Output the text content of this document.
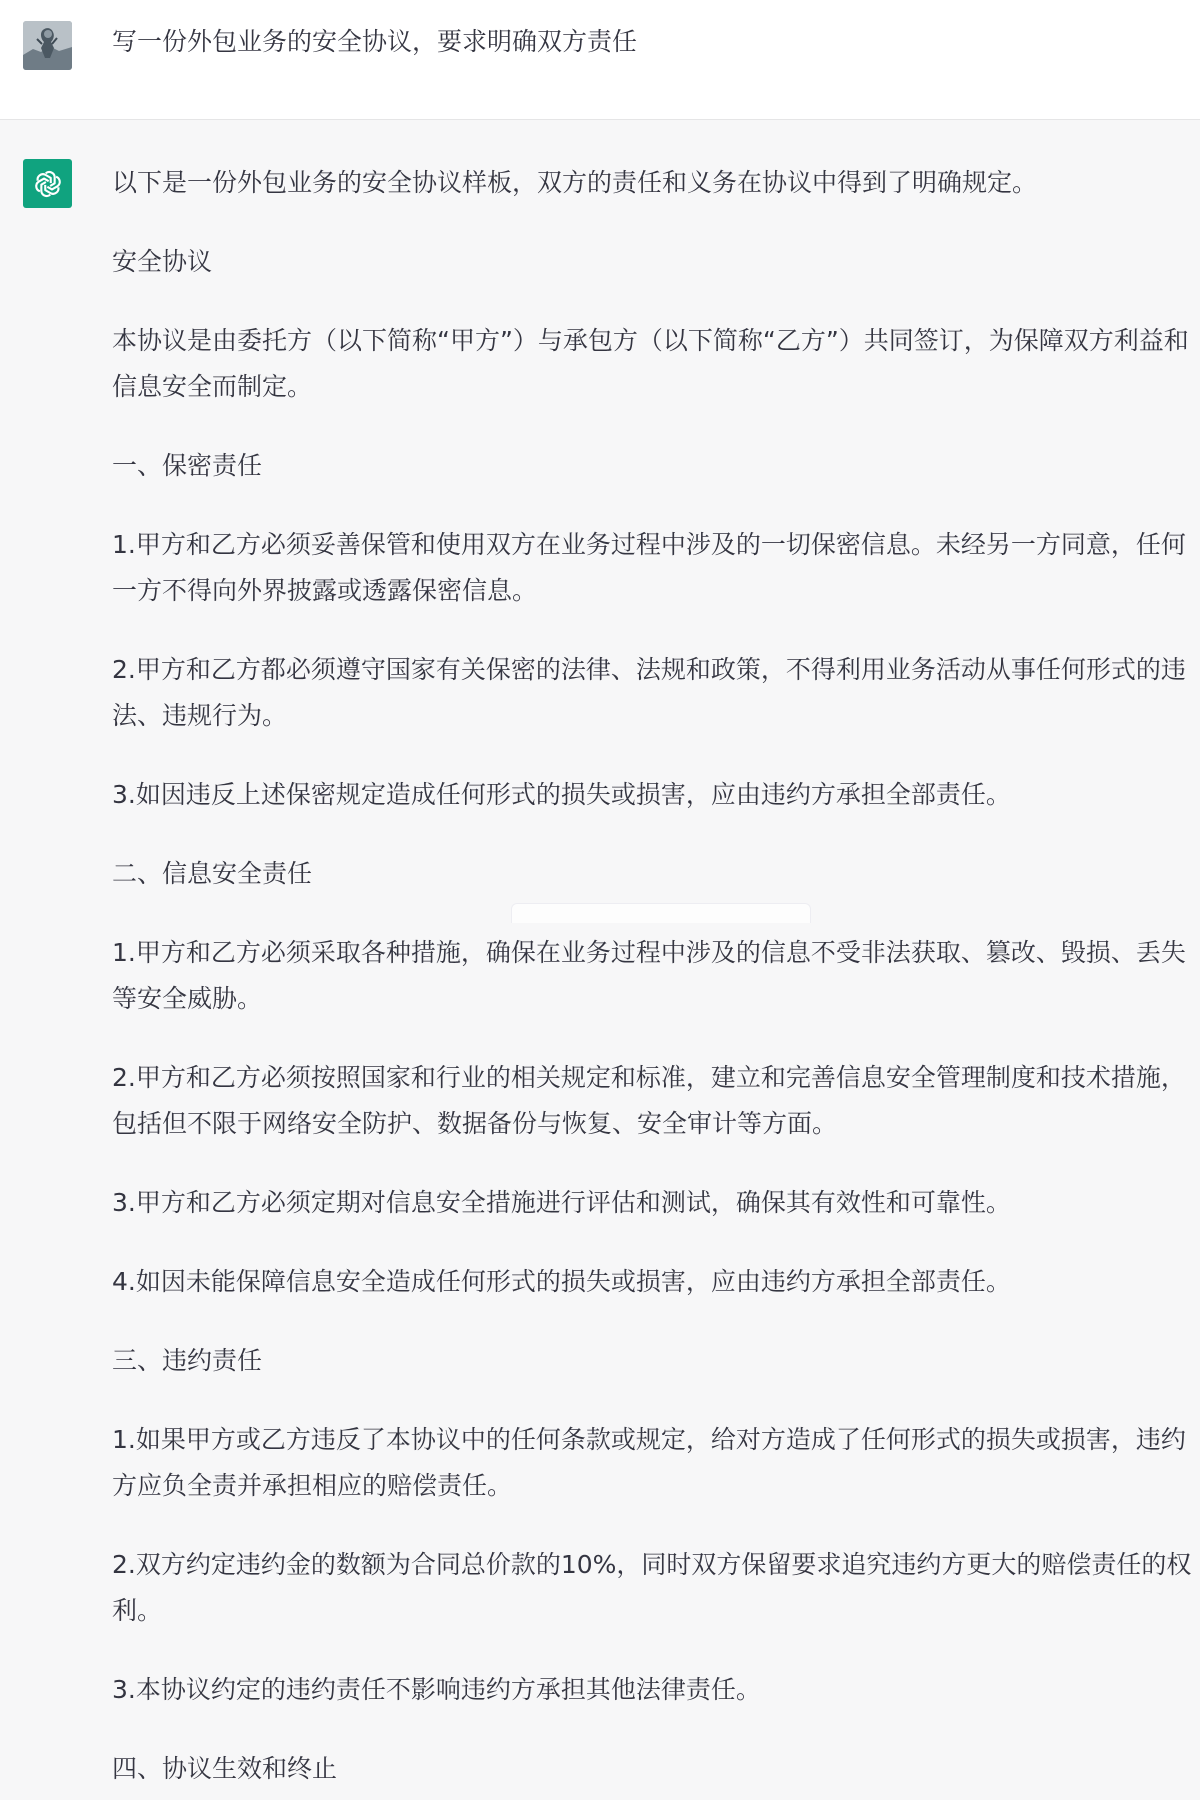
写一份外包业务的安全协议，要求明确双方责任

以下是一份外包业务的安全协议样板，双方的责任和义务在协议中得到了明确规定。

安全协议

本协议是由委托方（以下简称“甲方”）与承包方（以下简称“乙方”）共同签订，为保障双方利益和信息安全而制定。

一、保密责任

1.甲方和乙方必须妥善保管和使用双方在业务过程中涉及的一切保密信息。未经另一方同意，任何一方不得向外界披露或透露保密信息。

2.甲方和乙方都必须遵守国家有关保密的法律、法规和政策，不得利用业务活动从事任何形式的违法、违规行为。

3.如因违反上述保密规定造成任何形式的损失或损害，应由违约方承担全部责任。

二、信息安全责任

1.甲方和乙方必须采取各种措施，确保在业务过程中涉及的信息不受非法获取、篡改、毁损、丢失等安全威胁。

2.甲方和乙方必须按照国家和行业的相关规定和标准，建立和完善信息安全管理制度和技术措施，包括但不限于网络安全防护、数据备份与恢复、安全审计等方面。

3.甲方和乙方必须定期对信息安全措施进行评估和测试，确保其有效性和可靠性。

4.如因未能保障信息安全造成任何形式的损失或损害，应由违约方承担全部责任。

三、违约责任

1.如果甲方或乙方违反了本协议中的任何条款或规定，给对方造成了任何形式的损失或损害，违约方应负全责并承担相应的赔偿责任。

2.双方约定违约金的数额为合同总价款的10%，同时双方保留要求追究违约方更大的赔偿责任的权利。

3.本协议约定的违约责任不影响违约方承担其他法律责任。

四、协议生效和终止
